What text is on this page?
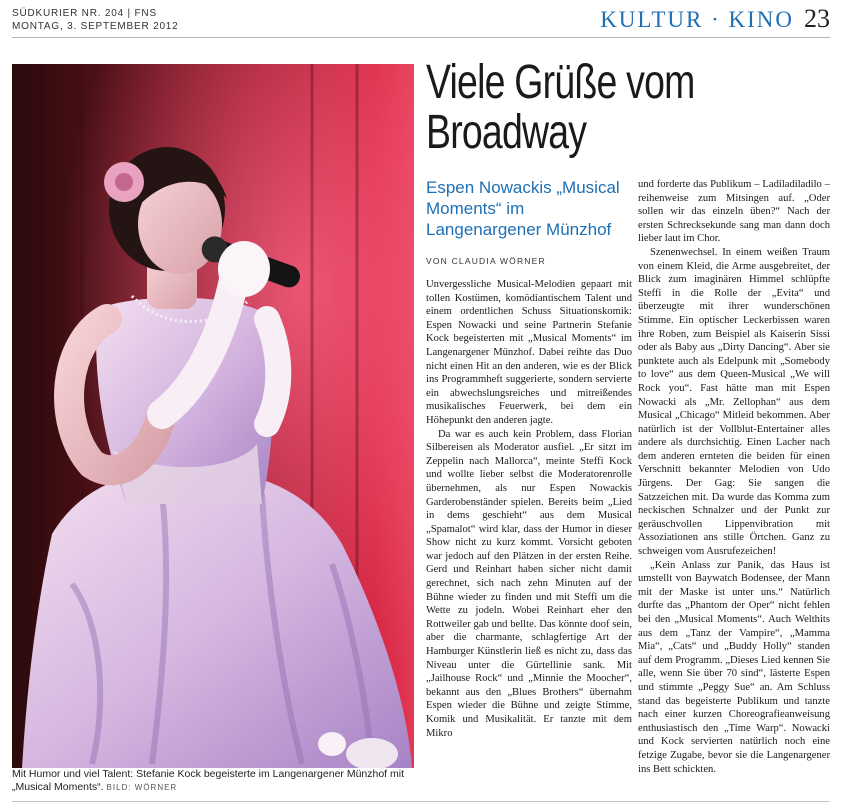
SÜDKURIER NR. 204 | FNS
MONTAG, 3. SEPTEMBER 2012	KULTUR · KINO 23
Mit Humor und viel Talent: Stefanie Kock begeisterte im Langenargener Münzhof mit „Musical Moments“. BILD: WÖRNER
Viele Grüße vom Broadway
Espen Nowackis „Musical Moments“ im Langenargener Münzhof
VON CLAUDIA WÖRNER

Unvergessliche Musical-Melodien gepaart mit tollen Kostümen, komödiantischem Talent und einem ordentlichen Schuss Situationskomik: Espen Nowacki und seine Partnerin Stefanie Kock begeisterten mit „Musical Moments“ im Langenargener Münzhof. Dabei reihte das Duo nicht einen Hit an den anderen, wie es der Blick ins Programmheft suggerierte, sondern servierte ein abwechslungsreiches und mitreißendes musikalisches Feuerwerk, bei dem ein Höhepunkt den anderen jagte.

Da war es auch kein Problem, dass Florian Silbereisen als Moderator ausfiel. „Er sitzt im Zeppelin nach Mallorca“, meinte Steffi Kock und wollte lieber selbst die Moderatorenrolle übernehmen, als nur Espen Nowackis Garderobenständer spielen. Bereits beim „Lied in dems geschieht“ aus dem Musical „Spamalot“ wird klar, dass der Humor in dieser Show nicht zu kurz kommt. Vorsicht geboten war jedoch auf den Plätzen in der ersten Reihe. Gerd und Reinhart haben sicher nicht damit gerechnet, sich nach zehn Minuten auf der Bühne wieder zu finden und mit Steffi um die Wette zu jodeln. Wobei Reinhart eher den Rottweiler gab und bellte. Das könnte doof sein, aber die charmante, schlagfertige Art der Hamburger Künstlerin ließ es nicht zu, dass das Niveau unter die Gürtellinie sank. Mit „Jailhouse Rock“ und „Minnie the Moocher“, bekannt aus den „Blues Brothers“ übernahm Espen wieder die Bühne und zeigte Stimme, Komik und Musikalität. Er tanzte mit dem Mikro

und forderte das Publikum – Ladiladiladilo – reihenweise zum Mitsingen auf. „Oder sollen wir das einzeln üben?“ Nach der ersten Schrecksekunde sang man dann doch lieber laut im Chor.

Szenenwechsel. In einem weißen Traum von einem Kleid, die Arme ausgebreitet, der Blick zum imaginären Himmel schlüpfte Steffi in die Rolle der „Evita“ und überzeugte mit ihrer wunderschönen Stimme. Ein optischer Leckerbissen waren ihre Roben, zum Beispiel als Kaiserin Sissi oder als Baby aus „Dirty Dancing“. Aber sie punktete auch als Edelpunk mit „Somebody to love“ aus dem Queen-Musical „We will Rock you“. Fast hätte man mit Espen Nowacki als „Mr. Zellophan“ aus dem Musical „Chicago“ Mitleid bekommen. Aber natürlich ist der Vollblut-Entertainer alles andere als durchsichtig. Einen Lacher nach dem anderen ernteten die beiden für einen Verschnitt bekannter Melodien von Udo Jürgens. Der Gag: Sie sangen die Satzzeichen mit. Da wurde das Komma zum neckischen Schnalzer und der Punkt zur geräuschvollen Lippenvibration mit Assoziationen ans stille Örtchen. Ganz zu schweigen vom Ausrufezeichen!

„Kein Anlass zur Panik, das Haus ist umstellt von Baywatch Bodensee, der Mann mit der Maske ist unter uns.“ Natürlich durfte das „Phantom der Oper“ nicht fehlen bei den „Musical Moments“. Auch Welthits aus dem „Tanz der Vampire“, „Mamma Mia“, „Cats“ und „Buddy Holly“ standen auf dem Programm. „Dieses Lied kennen Sie alle, wenn Sie über 70 sind“, lästerte Espen und stimmte „Peggy Sue“ an. Am Schluss stand das begeisterte Publikum und tanzte nach einer kurzen Choreografieanweisung enthusiastisch den „Time Warp“. Nowacki und Kock servierten natürlich noch eine fetzige Zugabe, bevor sie die Langenargener ins Bett schickten.
